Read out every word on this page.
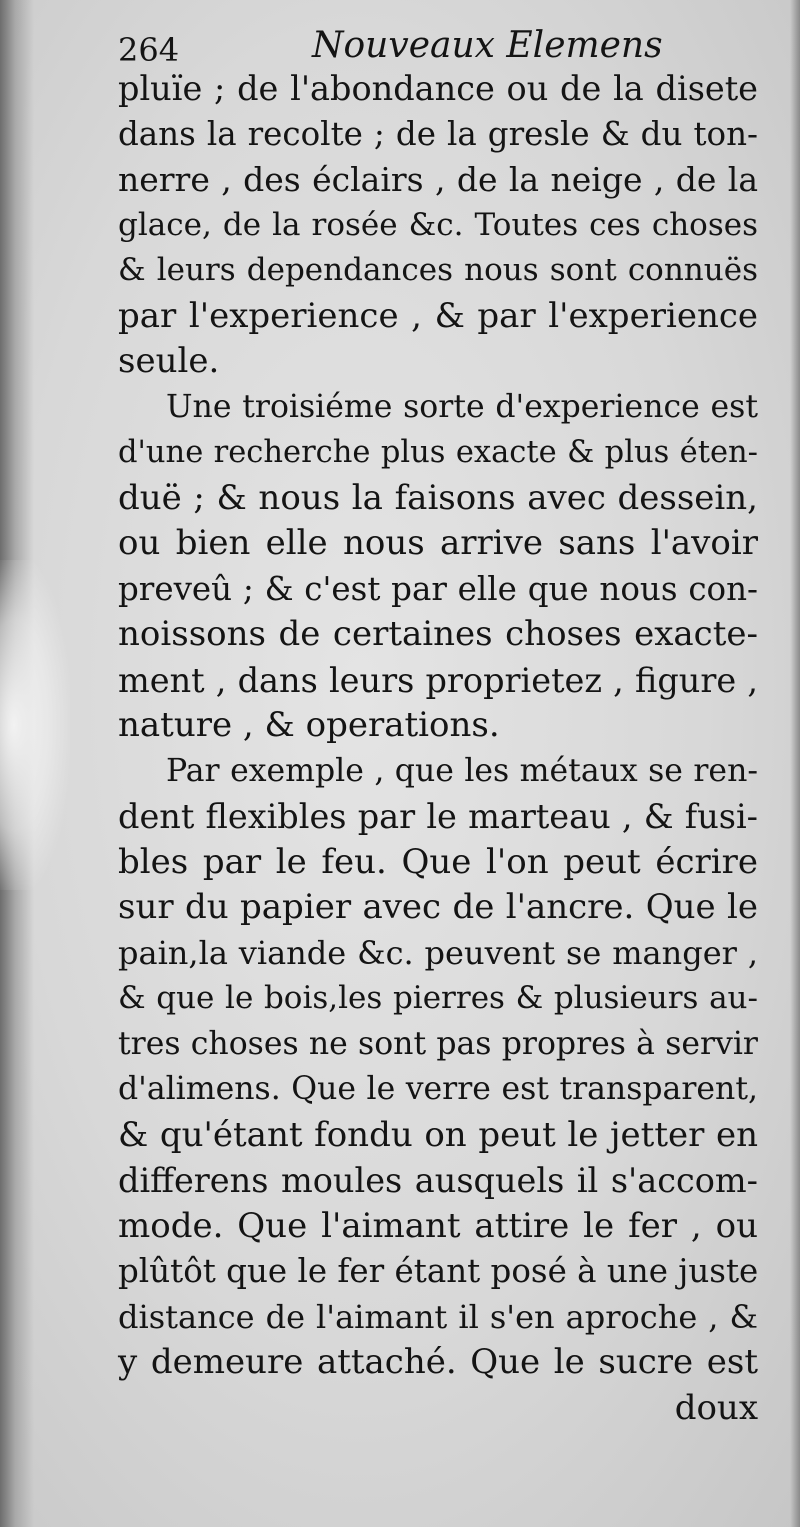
264	Nouveaux Elemens
pluïe ; de l'abondance ou de la disete
dans la recolte ; de la gresle & du ton-
nerre , des éclairs , de la neige , de la
glace, de la rosée &c. Toutes ces choses
& leurs dependances nous sont connuës
par l'experience , & par l'experience
seule.
Une troisiéme sorte d'experience est
d'une recherche plus exacte & plus éten-
duë ; & nous la faisons avec dessein,
ou bien elle nous arrive sans l'avoir
preveû ; & c'est par elle que nous con-
noissons de certaines choses exacte-
ment , dans leurs proprietez , figure ,
nature , & operations.
Par exemple , que les métaux se ren-
dent flexibles par le marteau , & fusi-
bles par le feu. Que l'on peut écrire
sur du papier avec de l'ancre. Que le
pain,la viande &c. peuvent se manger ,
& que le bois,les pierres & plusieurs au-
tres choses ne sont pas propres à servir
d'alimens. Que le verre est transparent,
& qu'étant fondu on peut le jetter en
differens moules ausquels il s'accom-
mode. Que l'aimant attire le fer , ou
plûtôt que le fer étant posé à une juste
distance de l'aimant il s'en aproche , &
y demeure attaché. Que le sucre est
doux
